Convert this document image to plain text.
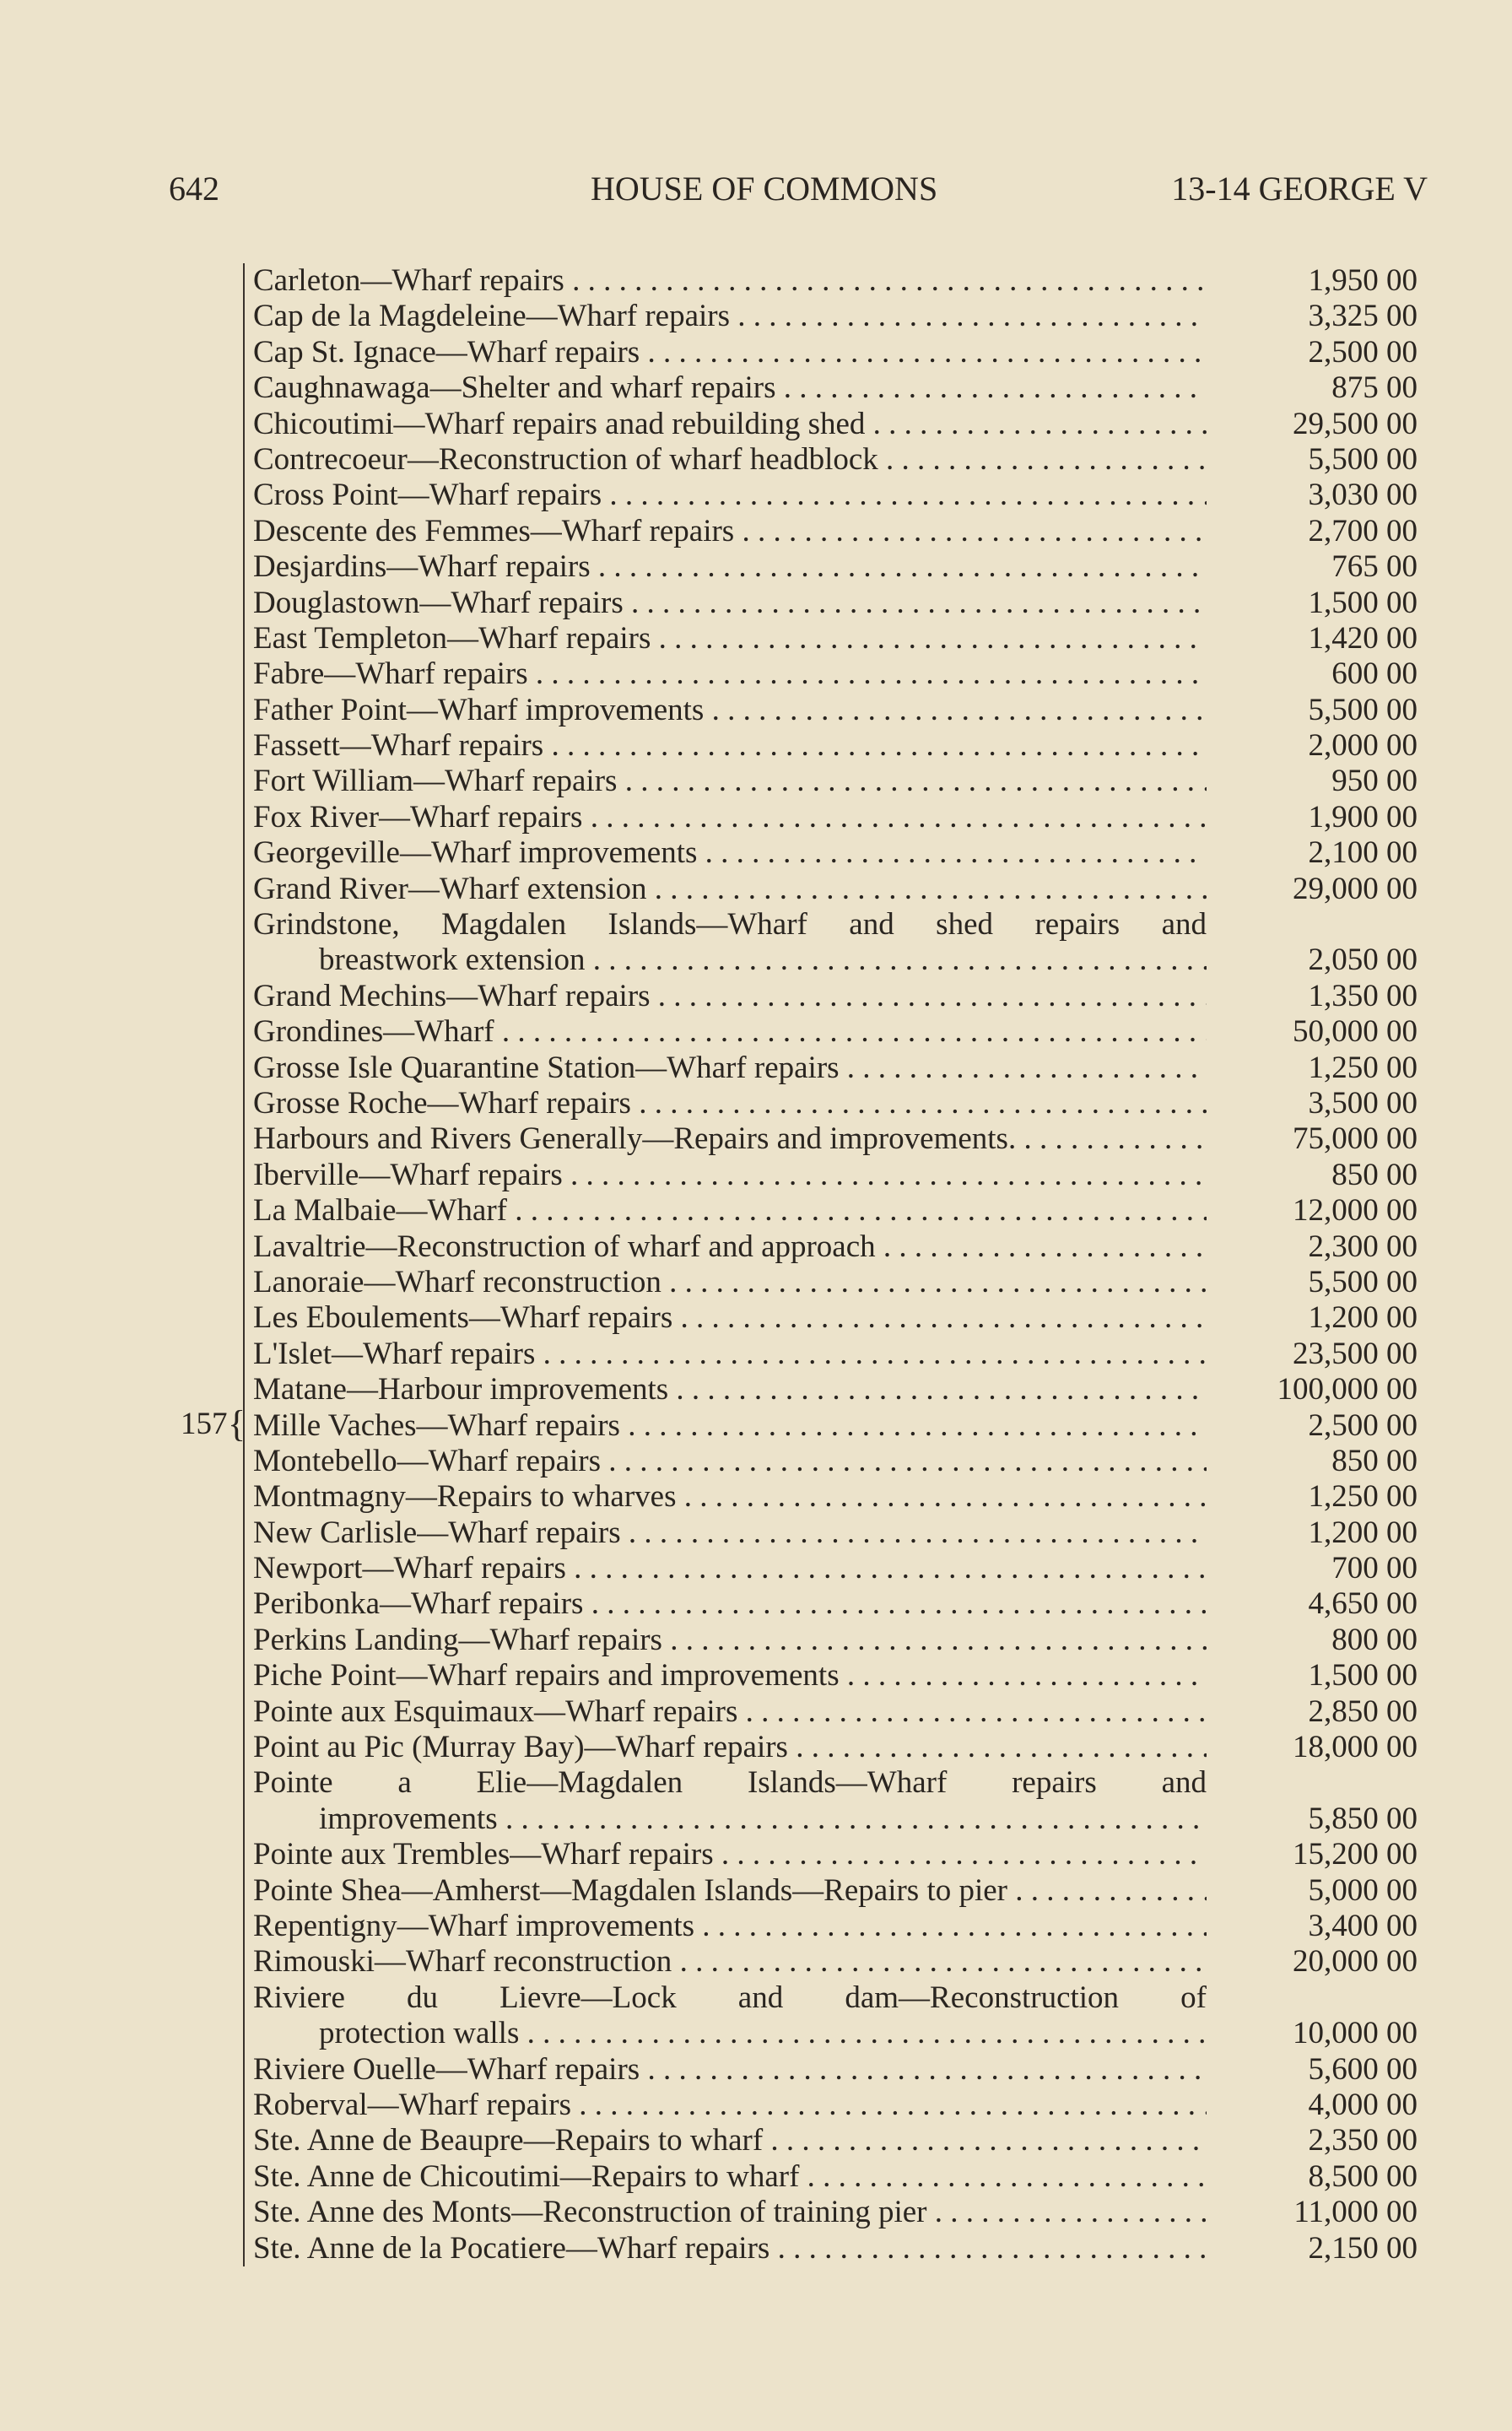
642	HOUSE OF COMMONS	13-14 GEORGE V
157 {
Carleton—Wharf repairs . . .	1,950 00
Cap de la Magdeleine—Wharf repairs . . .	3,325 00
Cap St. Ignace—Wharf repairs . . .	2,500 00
Caughnawaga—Shelter and wharf repairs . . .	875 00
Chicoutimi—Wharf repairs anad rebuilding shed . . .	29,500 00
Contrecoeur—Reconstruction of wharf headblock . . .	5,500 00
Cross Point—Wharf repairs . . .	3,030 00
Descente des Femmes—Wharf repairs . . .	2,700 00
Desjardins—Wharf repairs . . .	765 00
Douglastown—Wharf repairs . . .	1,500 00
East Templeton—Wharf repairs . . .	1,420 00
Fabre—Wharf repairs . . .	600 00
Father Point—Wharf improvements . . .	5,500 00
Fassett—Wharf repairs . . .	2,000 00
Fort William—Wharf repairs . . .	950 00
Fox River—Wharf repairs . . .	1,900 00
Georgeville—Wharf improvements . . .	2,100 00
Grand River—Wharf extension . . .	29,000 00
Grindstone, Magdalen Islands—Wharf and shed repairs and
breastwork extension . . .	2,050 00
Grand Mechins—Wharf repairs . . .	1,350 00
Grondines—Wharf . . .	50,000 00
Grosse Isle Quarantine Station—Wharf repairs . . .	1,250 00
Grosse Roche—Wharf repairs . . .	3,500 00
Harbours and Rivers Generally—Repairs and improvements. . . .	75,000 00
Iberville—Wharf repairs . . .	850 00
La Malbaie—Wharf . . .	12,000 00
Lavaltrie—Reconstruction of wharf and approach . . .	2,300 00
Lanoraie—Wharf reconstruction . . .	5,500 00
Les Eboulements—Wharf repairs . . .	1,200 00
L'Islet—Wharf repairs . . .	23,500 00
Matane—Harbour improvements . . .	100,000 00
Mille Vaches—Wharf repairs . . .	2,500 00
Montebello—Wharf repairs . . .	850 00
Montmagny—Repairs to wharves . . .	1,250 00
New Carlisle—Wharf repairs . . .	1,200 00
Newport—Wharf repairs . . .	700 00
Peribonka—Wharf repairs . . .	4,650 00
Perkins Landing—Wharf repairs . . .	800 00
Piche Point—Wharf repairs and improvements . . .	1,500 00
Pointe aux Esquimaux—Wharf repairs . . .	2,850 00
Point au Pic (Murray Bay)—Wharf repairs . . .	18,000 00
Pointe a Elie—Magdalen Islands—Wharf repairs and
improvements . . .	5,850 00
Pointe aux Trembles—Wharf repairs . . .	15,200 00
Pointe Shea—Amherst—Magdalen Islands—Repairs to pier . . .	5,000 00
Repentigny—Wharf improvements . . .	3,400 00
Rimouski—Wharf reconstruction . . .	20,000 00
Riviere du Lievre—Lock and dam—Reconstruction of
protection walls . . .	10,000 00
Riviere Ouelle—Wharf repairs . . .	5,600 00
Roberval—Wharf repairs . . .	4,000 00
Ste. Anne de Beaupre—Repairs to wharf . . .	2,350 00
Ste. Anne de Chicoutimi—Repairs to wharf . . .	8,500 00
Ste. Anne des Monts—Reconstruction of training pier . . .	11,000 00
Ste. Anne de la Pocatiere—Wharf repairs . . .	2,150 00
